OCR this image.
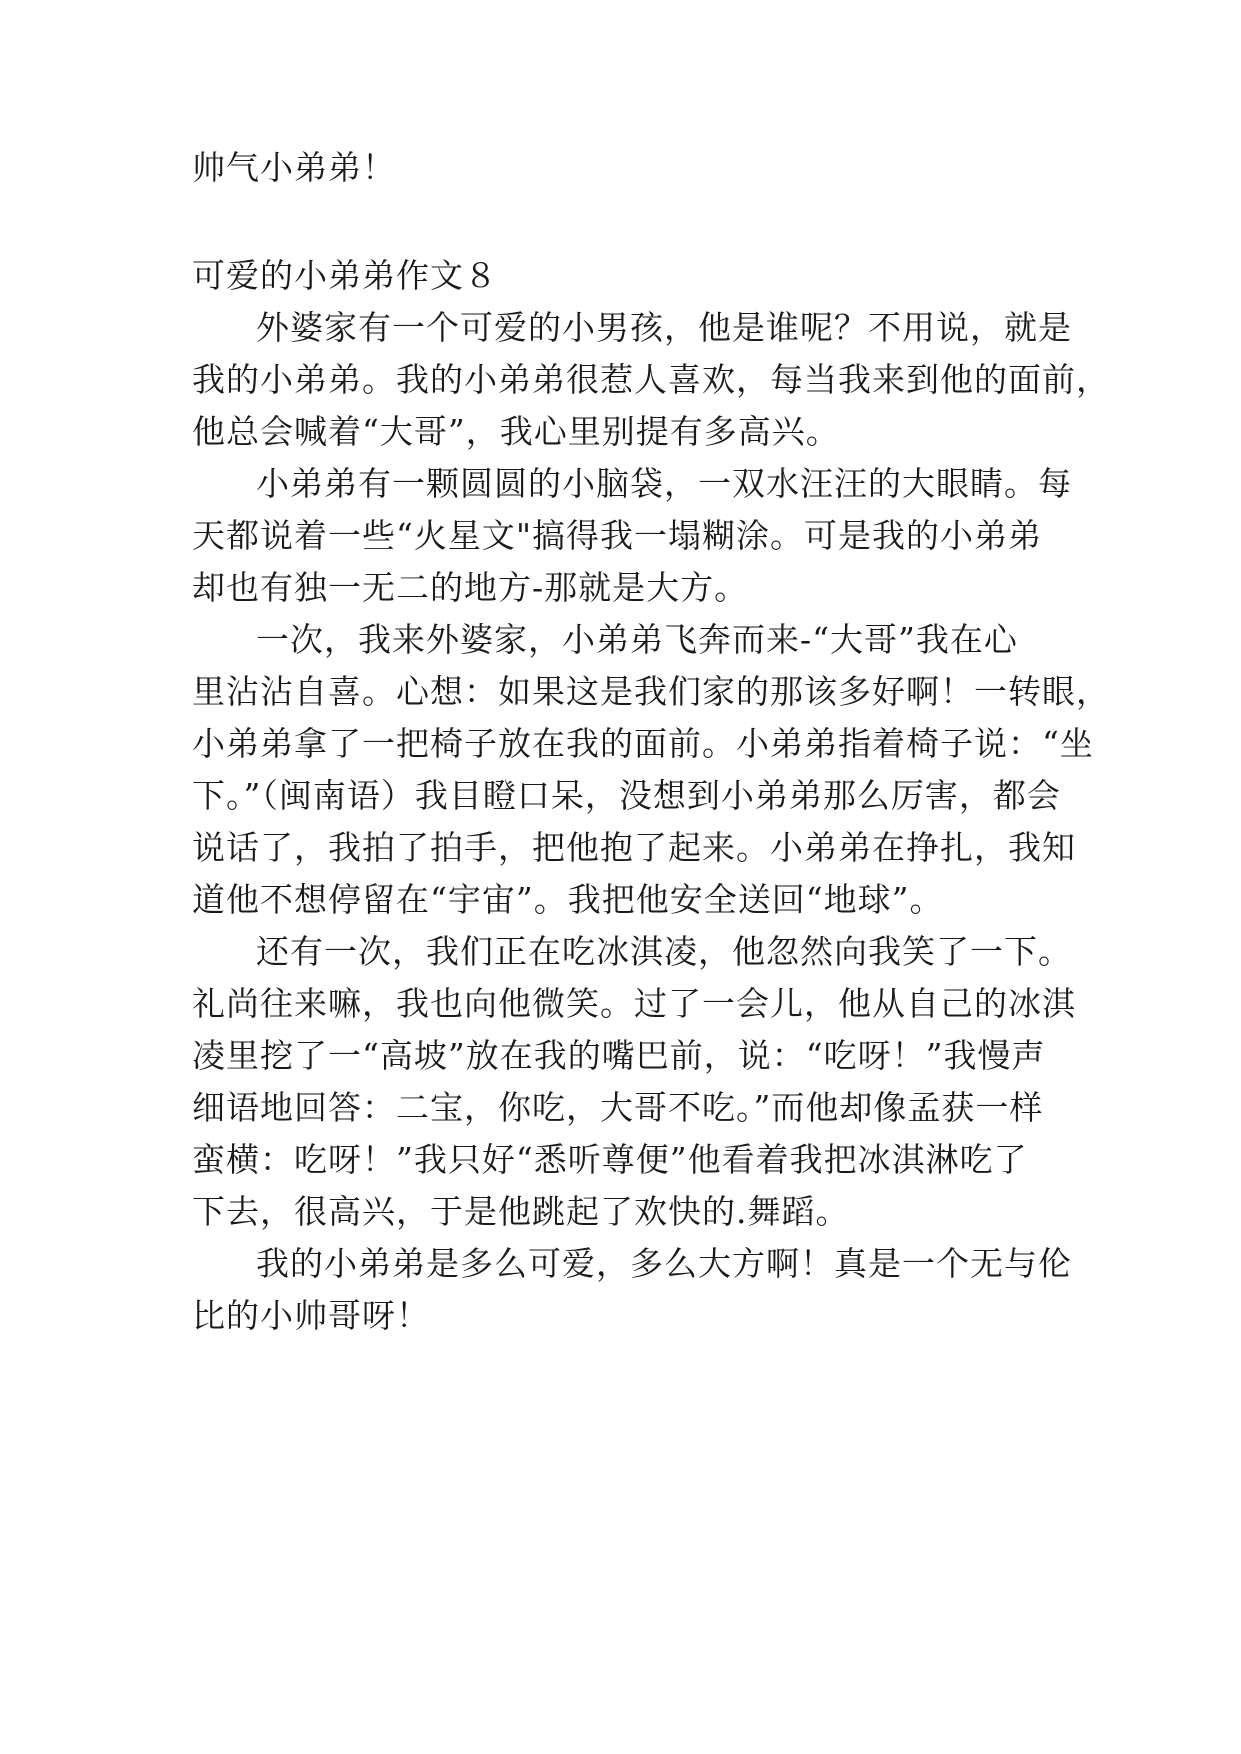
帅气小弟弟！

可爱的小弟弟作文８

外婆家有一个可爱的小男孩，他是谁呢？不用说，就是

我的小弟弟。我的小弟弟很惹人喜欢，每当我来到他的面前，

他总会喊着“大哥”，我心里别提有多高兴。

小弟弟有一颗圆圆的小脑袋，一双水汪汪的大眼睛。每

天都说着一些“火星文"搞得我一塌糊涂。可是我的小弟弟

却也有独一无二的地方-那就是大方。

一次，我来外婆家，小弟弟飞奔而来-“大哥”我在心

里沾沾自喜。心想：如果这是我们家的那该多好啊！一转眼，

小弟弟拿了一把椅子放在我的面前。小弟弟指着椅子说：“坐

下。”（闽南语）我目瞪口呆，没想到小弟弟那么厉害，都会

说话了，我拍了拍手，把他抱了起来。小弟弟在挣扎，我知

道他不想停留在“宇宙”。我把他安全送回“地球”。

还有一次，我们正在吃冰淇凌，他忽然向我笑了一下。

礼尚往来嘛，我也向他微笑。过了一会儿，他从自己的冰淇

凌里挖了一“高坡”放在我的嘴巴前，说：“吃呀！”我慢声

细语地回答：二宝，你吃，大哥不吃。”而他却像孟获一样

蛮横：吃呀！”我只好“悉听尊便”他看着我把冰淇淋吃了

下去，很高兴，于是他跳起了欢快的.舞蹈。

我的小弟弟是多么可爱，多么大方啊！真是一个无与伦

比的小帅哥呀！
